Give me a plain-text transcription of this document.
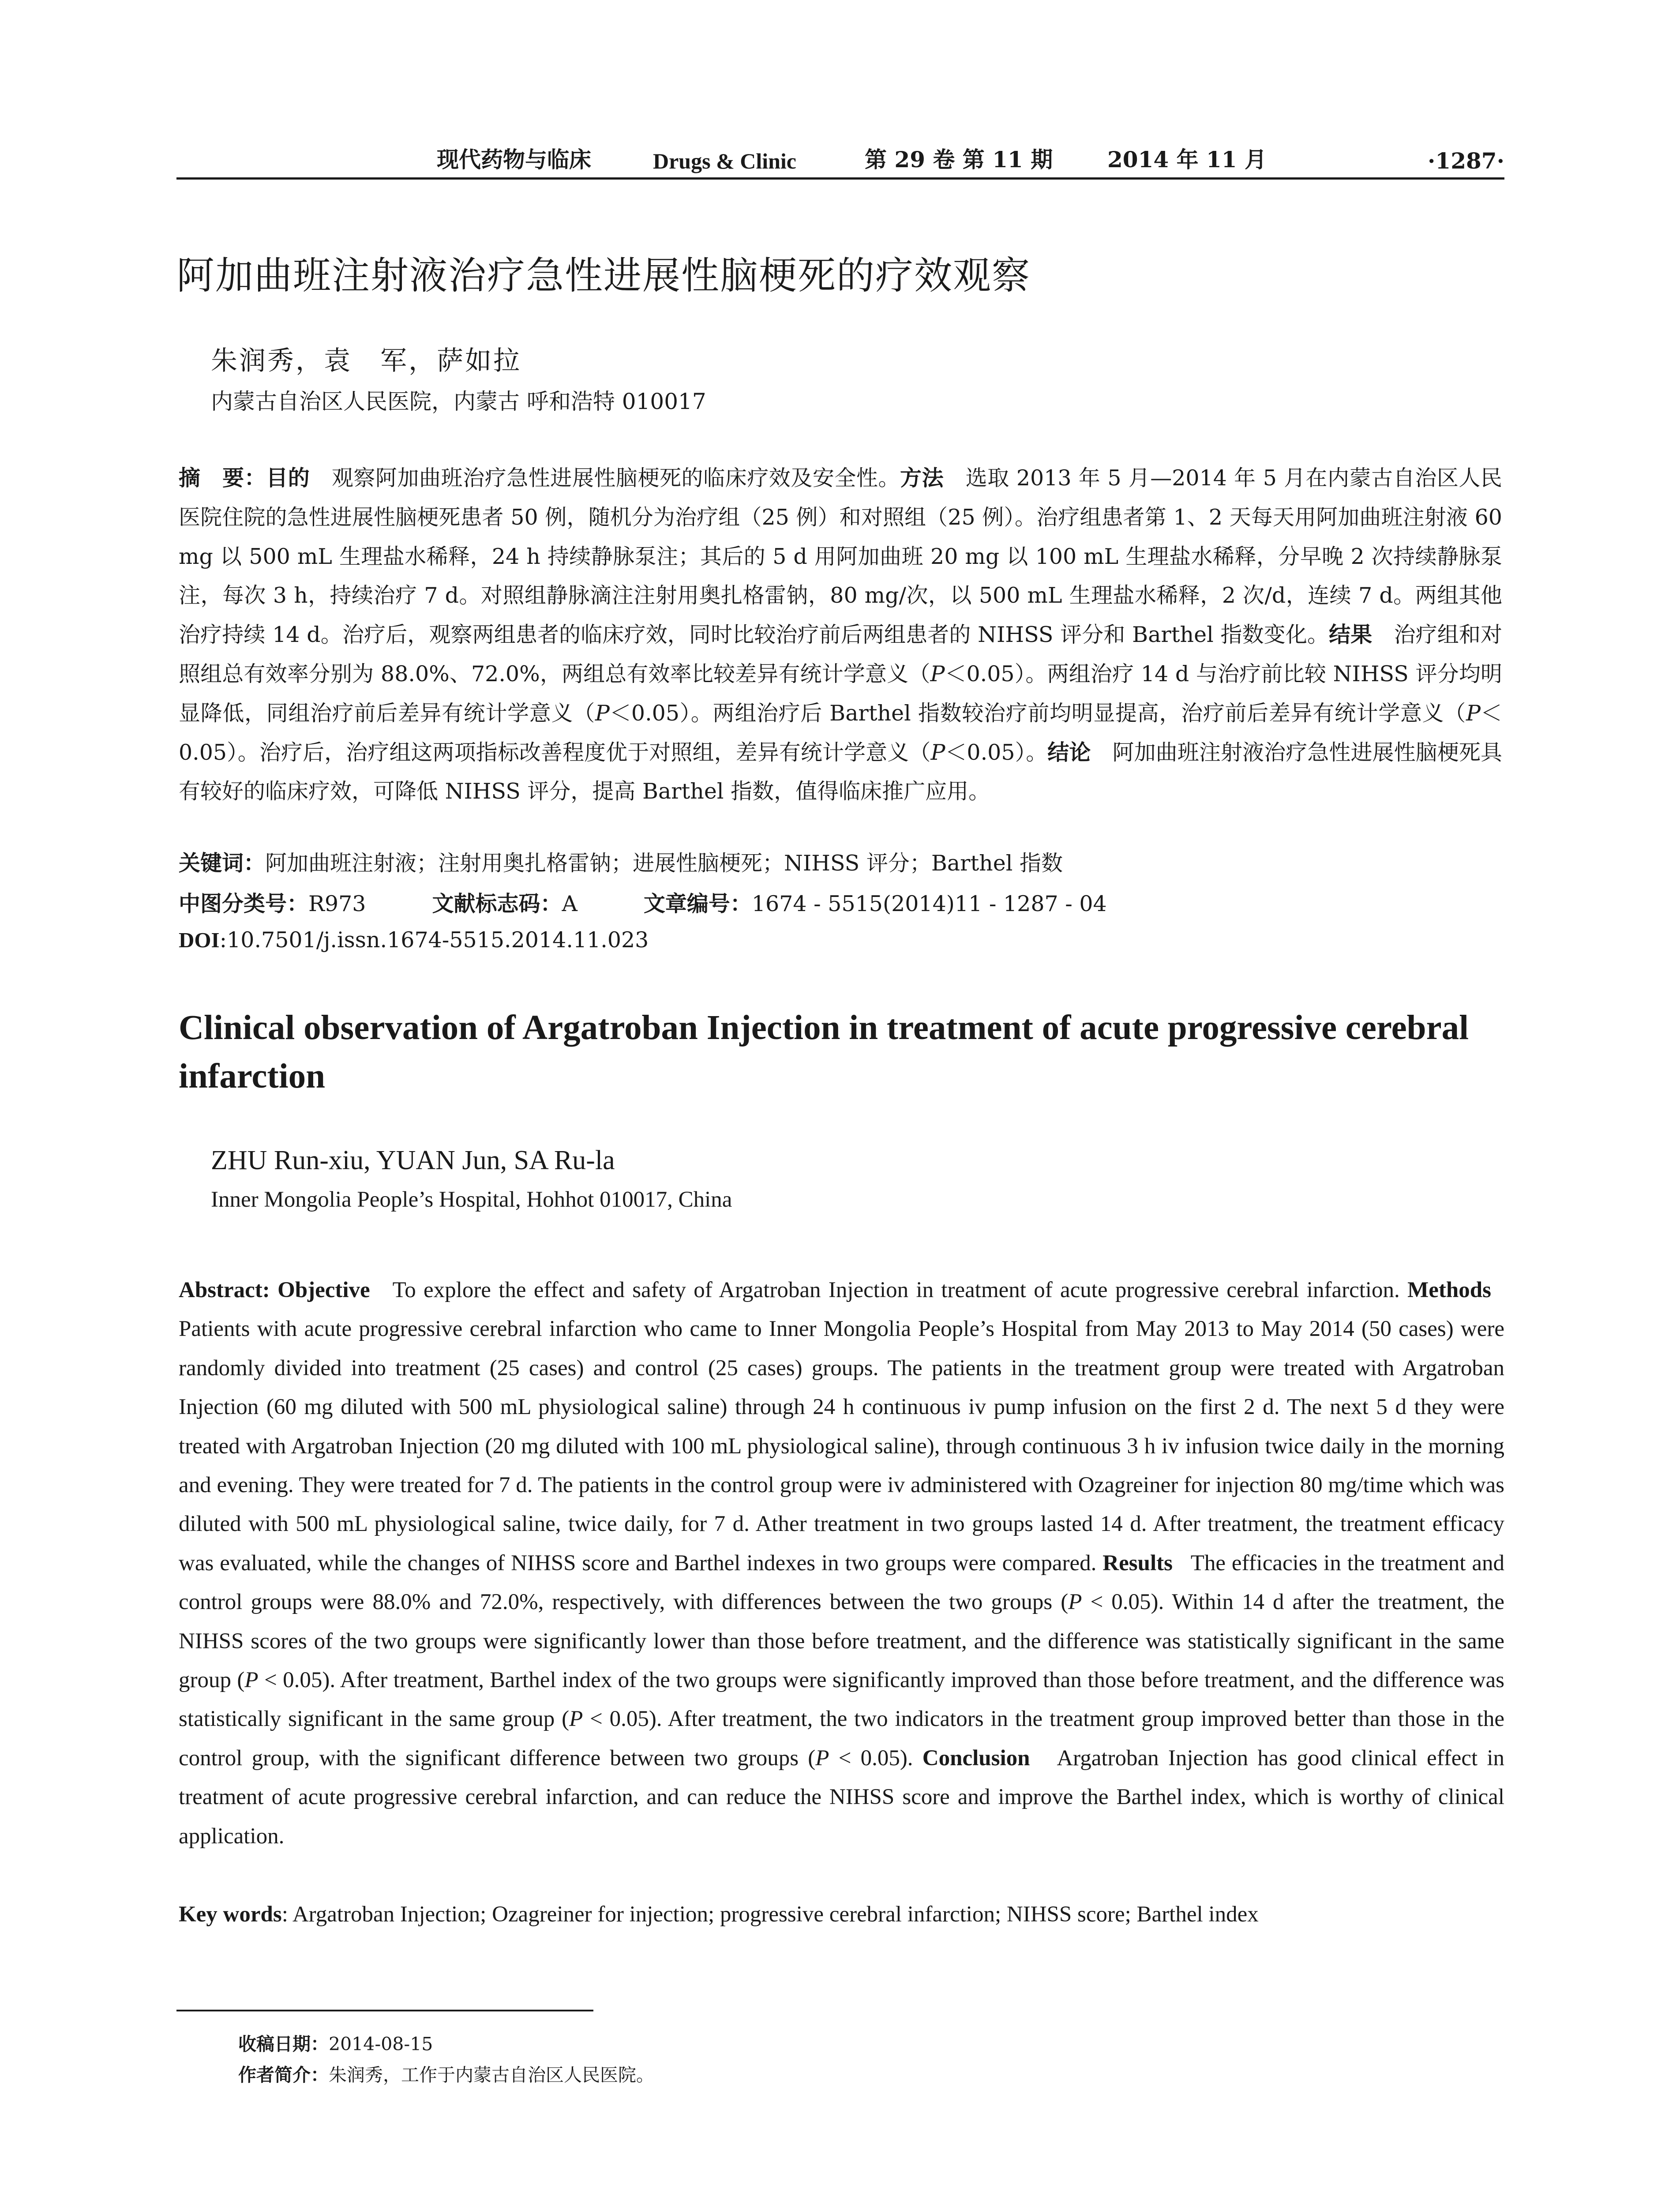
现代药物与临床	Drugs & Clinic	第 29 卷 第 11 期 2014 年 11 月	·1287·
阿加曲班注射液治疗急性进展性脑梗死的疗效观察

朱润秀，袁　军，萨如拉

内蒙古自治区人民医院，内蒙古 呼和浩特 010017

摘　要：目的　 观察阿加曲班治疗急性进展性脑梗死的临床疗效及安全性。方法　 选取 2013 年 5 月—2014 年 5 月在内蒙古自治区人民医院住院的急性进展性脑梗死患者 50 例，随机分为治疗组（25 例）和对照组（25 例）。治疗组患者第 1、2 天每天用阿加曲班注射液 60 mg 以 500 mL 生理盐水稀释，24 h 持续静脉泵注；其后的 5 d 用阿加曲班 20 mg 以 100 mL 生理盐水稀释，分早晚 2 次持续静脉泵注，每次 3 h，持续治疗 7 d。对照组静脉滴注注射用奥扎格雷钠，80 mg/次，以 500 mL 生理盐水稀释，2 次/d，连续 7 d。两组其他治疗持续 14 d。治疗后，观察两组患者的临床疗效，同时比较治疗前后两组患者的 NIHSS 评分和 Barthel 指数变化。结果　 治疗组和对照组总有效率分别为 88.0%、72.0%，两组总有效率比较差异有统计学意义（P＜0.05）。两组治疗 14 d 与治疗前比较 NIHSS 评分均明显降低，同组治疗前后差异有统计学意义（P＜0.05）。两组治疗后 Barthel 指数较治疗前均明显提高，治疗前后差异有统计学意义（P＜0.05）。治疗后，治疗组这两项指标改善程度优于对照组，差异有统计学意义（P＜0.05）。结论　 阿加曲班注射液治疗急性进展性脑梗死具有较好的临床疗效，可降低 NIHSS 评分，提高 Barthel 指数，值得临床推广应用。

关键词：阿加曲班注射液；注射用奥扎格雷钠；进展性脑梗死；NIHSS 评分；Barthel 指数

中图分类号：R973	文献标志码：A	文章编号：1674 - 5515(2014)11 - 1287 - 04

DOI:10.7501/j.issn.1674-5515.2014.11.023

Clinical observation of Argatroban Injection in treatment of acute progressive cerebral infarction

ZHU Run-xiu, YUAN Jun, SA Ru-la

Inner Mongolia People’s Hospital, Hohhot 010017, China

Abstract: Objective To explore the effect and safety of Argatroban Injection in treatment of acute progressive cerebral infarction. Methods   Patients with acute progressive cerebral infarction who came to Inner Mongolia People’s Hospital from May 2013 to May 2014 (50 cases) were randomly divided into treatment (25 cases) and control (25 cases) groups. The patients in the treatment group were treated with Argatroban Injection (60 mg diluted with 500 mL physiological saline) through 24 h continuous iv pump infusion on the first 2 d. The next 5 d they were treated with Argatroban Injection (20 mg diluted with 100 mL physiological saline), through continuous 3 h iv infusion twice daily in the morning and evening. They were treated for 7 d. The patients in the control group were iv administered with Ozagreiner for injection 80 mg/time which was diluted with 500 mL physiological saline, twice daily, for 7 d. Ather treatment in two groups lasted 14 d. After treatment, the treatment efficacy was evaluated, while the changes of NIHSS score and Barthel indexes in two groups were compared. Results The efficacies in the treatment and control groups were 88.0% and 72.0%, respectively, with differences between the two groups (P < 0.05). Within 14 d after the treatment, the NIHSS scores of the two groups were significantly lower than those before treatment, and the difference was statistically significant in the same group (P < 0.05). After treatment, Barthel index of the two groups were significantly improved than those before treatment, and the difference was statistically significant in the same group (P < 0.05). After treatment, the two indicators in the treatment group improved better than those in the control group, with the significant difference between two groups (P < 0.05). Conclusion Argatroban Injection has good clinical effect in treatment of acute progressive cerebral infarction, and can reduce the NIHSS score and improve the Barthel index, which is worthy of clinical application.

Key words: Argatroban Injection; Ozagreiner for injection; progressive cerebral infarction; NIHSS score; Barthel index

收稿日期：2014-08-15

作者简介：朱润秀，工作于内蒙古自治区人民医院。
